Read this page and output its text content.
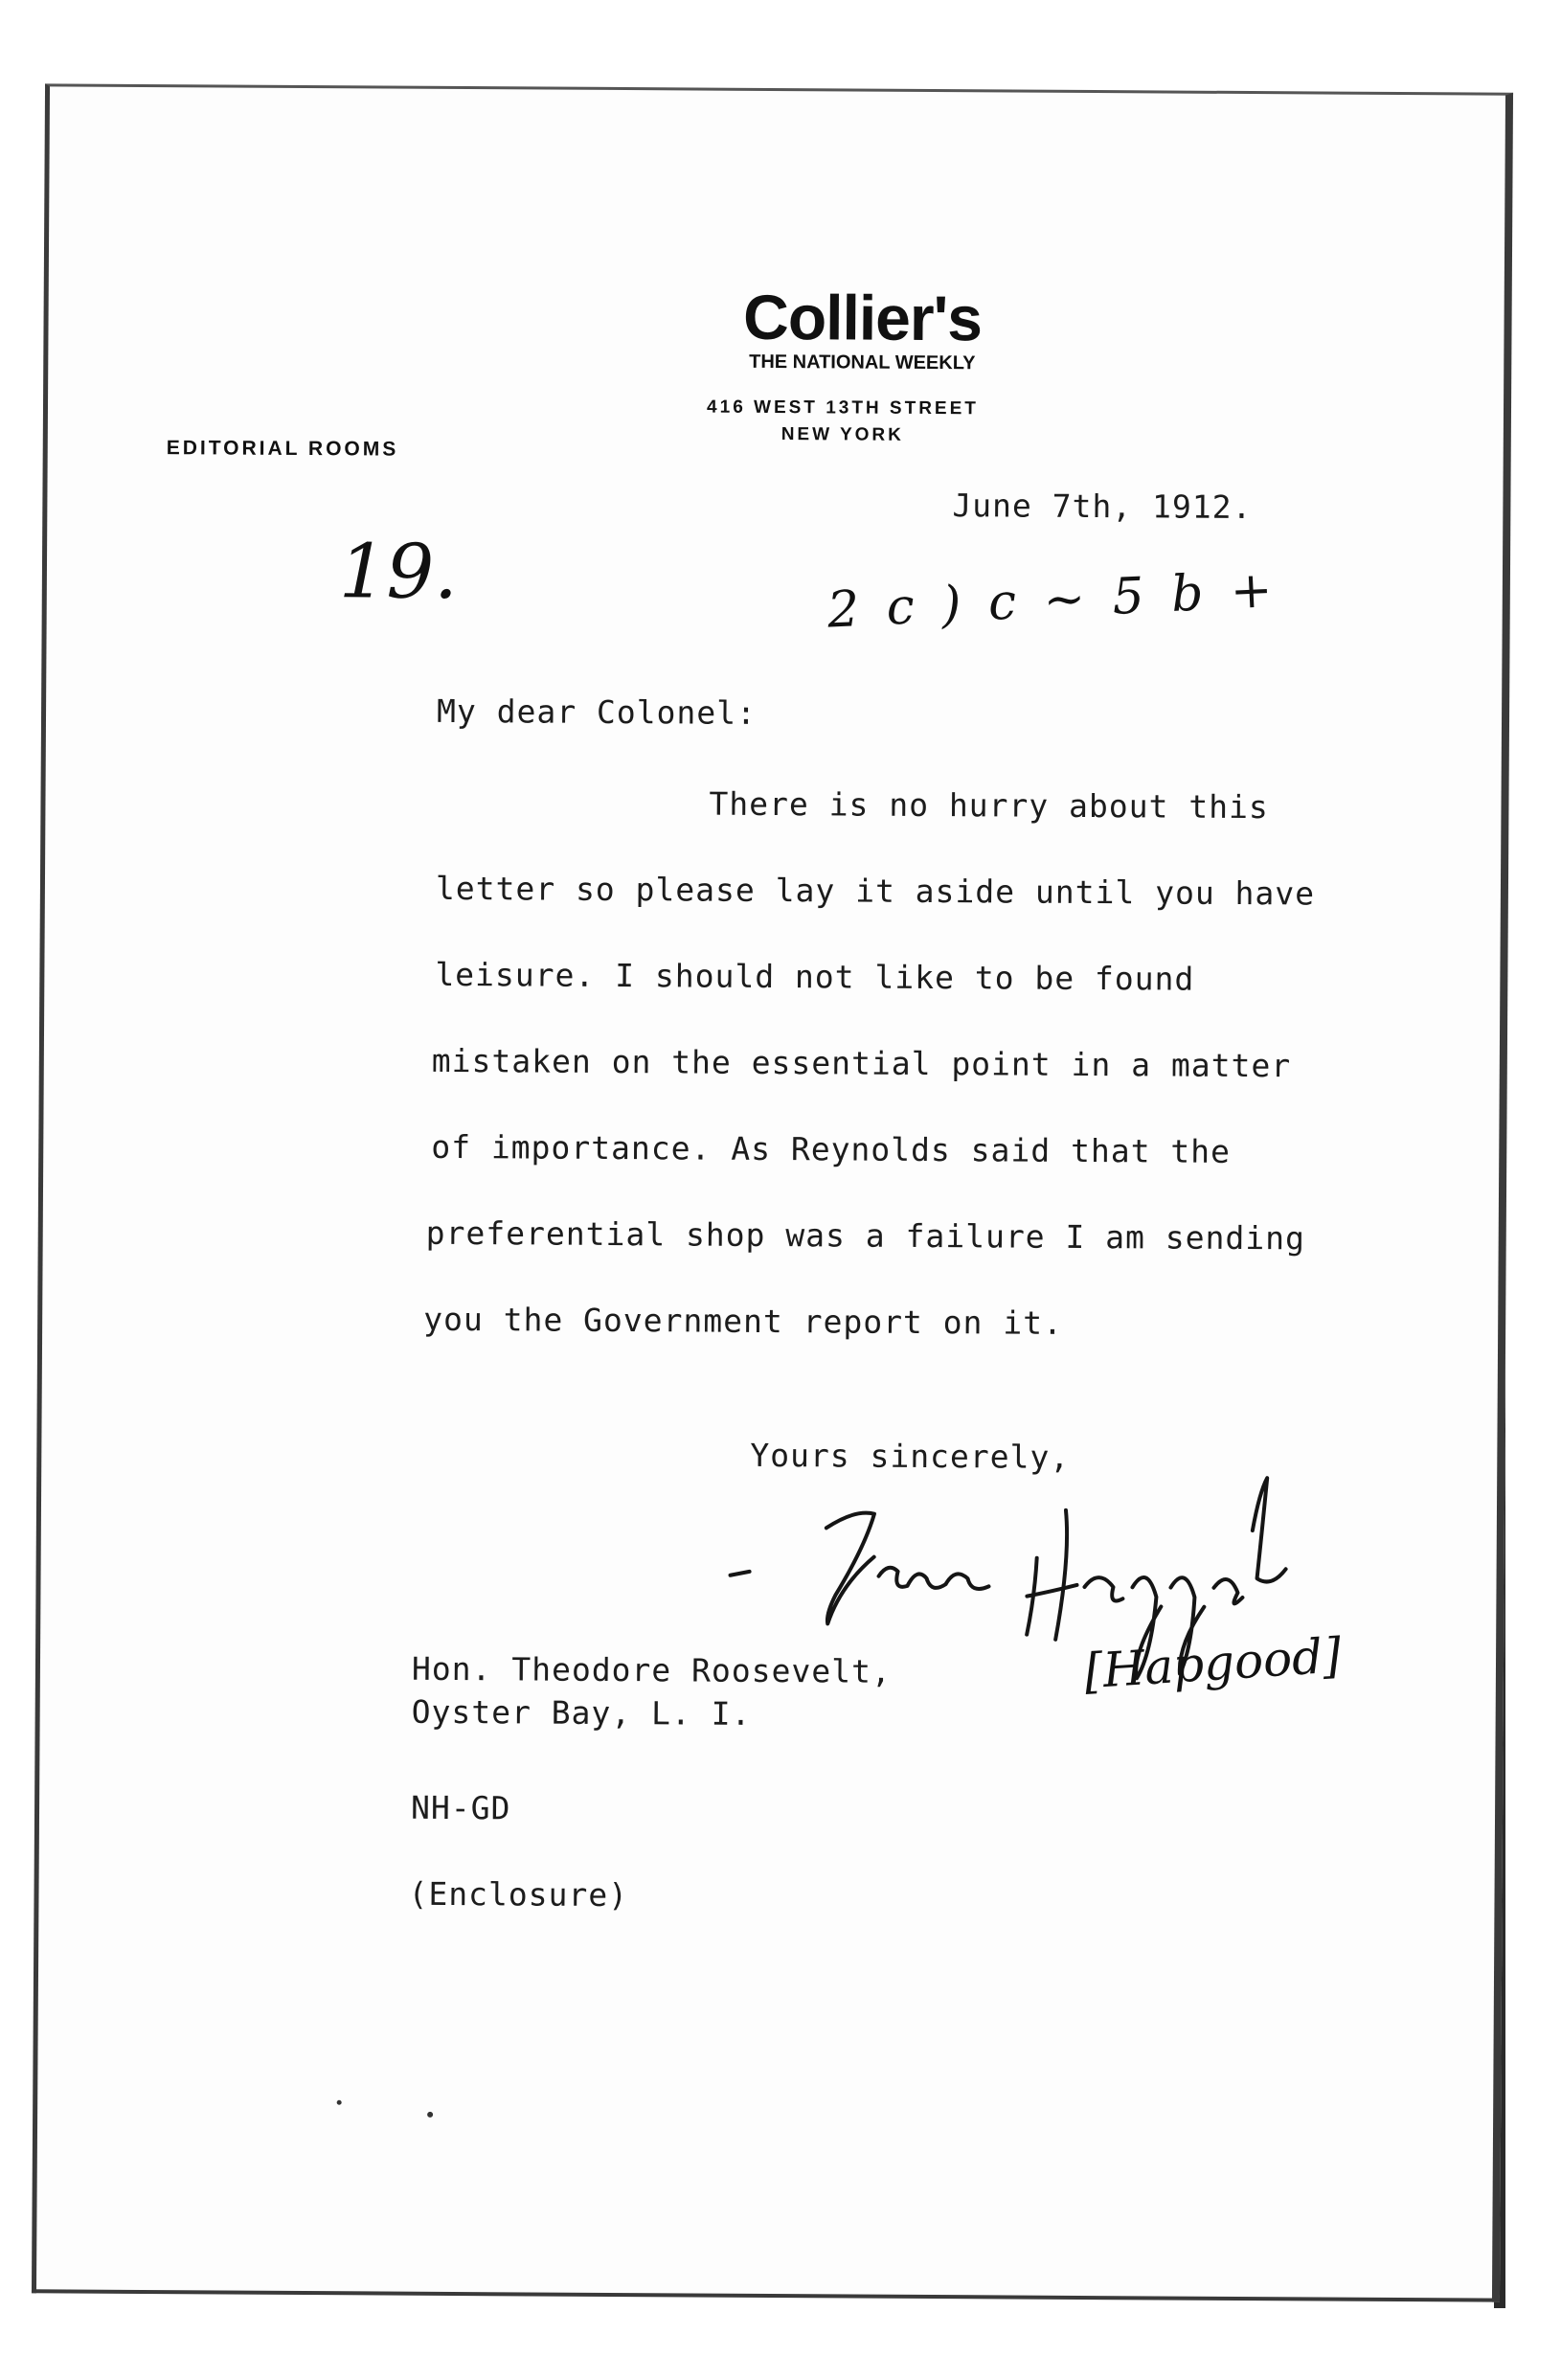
Collier's
THE NATIONAL WEEKLY
416 WEST 13TH STREET
NEW YORK
EDITORIAL ROOMS
June 7th, 1912.
19.	2 c ) c ~ 5 b +
My dear Colonel:
There is no hurry about this
letter so please lay it aside until you have
leisure. I should not like to be found
mistaken on the essential point in a matter
of importance. As Reynolds said that the
preferential shop was a failure I am sending
you the Government report on it.
Yours sincerely,
[Hapgood]
Hon. Theodore Roosevelt,
Oyster Bay, L. I.
NH-GD
(Enclosure)
